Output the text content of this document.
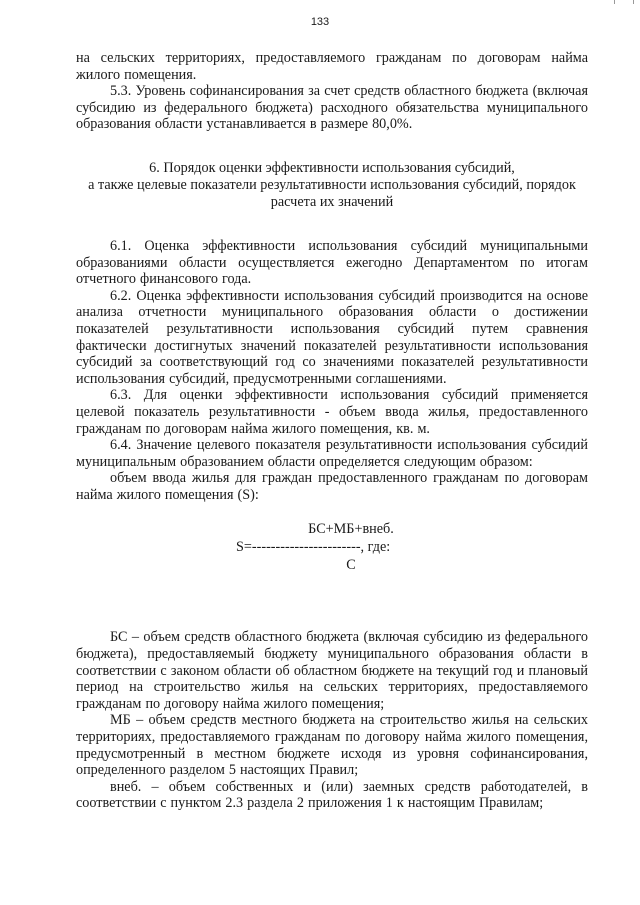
133

на сельских территориях, предоставляемого гражданам по договорам найма жилого помещения.

5.3. Уровень софинансирования за счет средств областного бюджета (включая субсидию из федерального бюджета) расходного обязательства муниципального образования области устанавливается в размере 80,0%.

6. Порядок оценки эффективности использования субсидий,
а также целевые показатели результативности использования субсидий, порядок расчета их значений

6.1. Оценка эффективности использования субсидий муниципальными образованиями области осуществляется ежегодно Департаментом по итогам отчетного финансового года.

6.2. Оценка эффективности использования субсидий производится на основе анализа отчетности муниципального образования области о достижении показателей результативности использования субсидий путем сравнения фактически достигнутых значений показателей результативности использования субсидий за соответствующий год со значениями показателей результативности использования субсидий, предусмотренными соглашениями.

6.3. Для оценки эффективности использования субсидий применяется целевой показатель результативности - объем ввода жилья, предоставленного гражданам по договорам найма жилого помещения, кв. м.

6.4. Значение целевого показателя результативности использования субсидий муниципальным образованием области определяется следующим образом:

объем ввода жилья для граждан предоставленного гражданам по договорам найма жилого помещения (S):

БС+МБ+внеб.
S=-----------------------, где:
С

БС – объем средств областного бюджета (включая субсидию из федерального бюджета), предоставляемый бюджету муниципального образования области в соответствии с законом области об областном бюджете на текущий год и плановый период на строительство жилья на сельских территориях, предоставляемого гражданам по договору найма жилого помещения;

МБ – объем средств местного бюджета на строительство жилья на сельских территориях, предоставляемого гражданам по договору найма жилого помещения, предусмотренный в местном бюджете исходя из уровня софинансирования, определенного разделом 5 настоящих Правил;

внеб. – объем собственных и (или) заемных средств работодателей, в соответствии с пунктом 2.3 раздела 2 приложения 1 к настоящим Правилам;
